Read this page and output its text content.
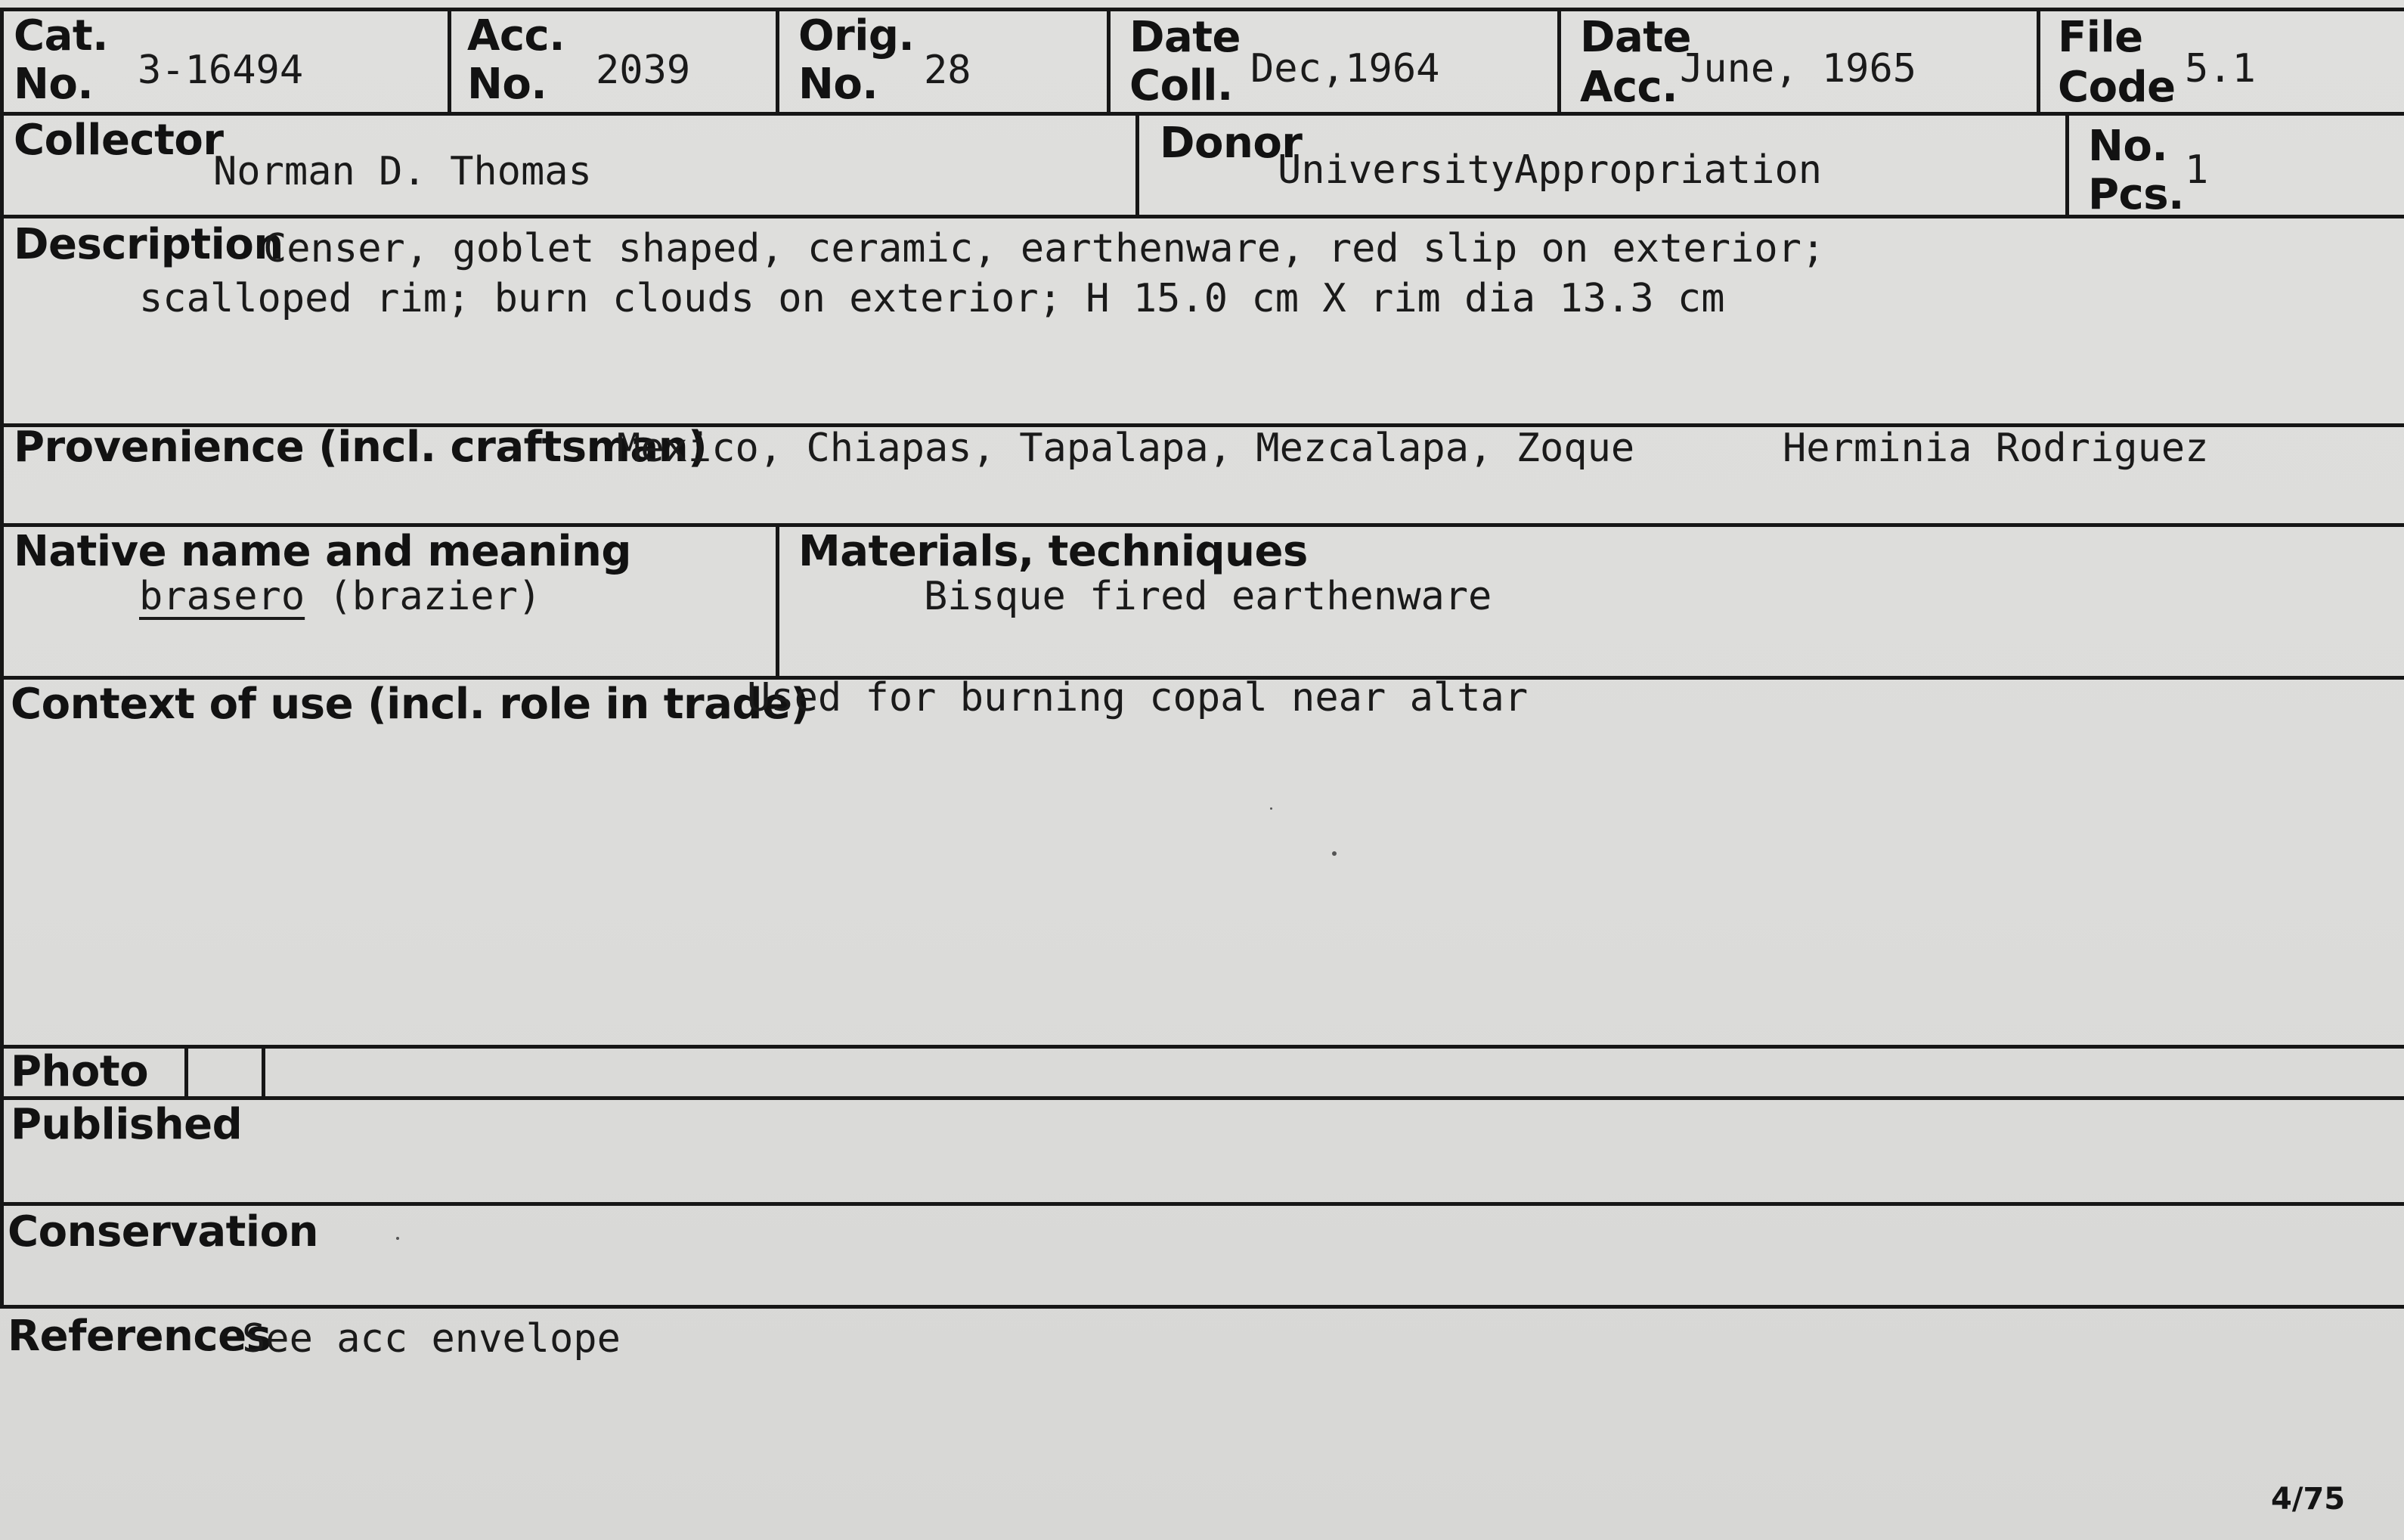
Cat.
No. 3-16494
Acc.
No. 2039
Orig.
No. 28
Date
Coll. Dec,1964
Date
Acc. June, 1965
File
Code 5.1
Collector
Norman D. Thomas
Donor
UniversityAppropriation	No.
Pcs. 1
Description
Censer, goblet shaped, ceramic, earthenware, red slip on exterior;
scalloped rim; burn clouds on exterior; H 15.0 cm X rim dia 13.3 cm
Provenience (incl. craftsman)
Mexico, Chiapas, Tapalapa, Mezcalapa, Zoque	Herminia Rodriguez
Native name and meaning
brasero (brazier)
Materials, techniques
Bisque fired earthenware
Context of use (incl. role in trade)
Used for burning copal near altar
Photo
Published
Conservation
References
See acc envelope
4/75
